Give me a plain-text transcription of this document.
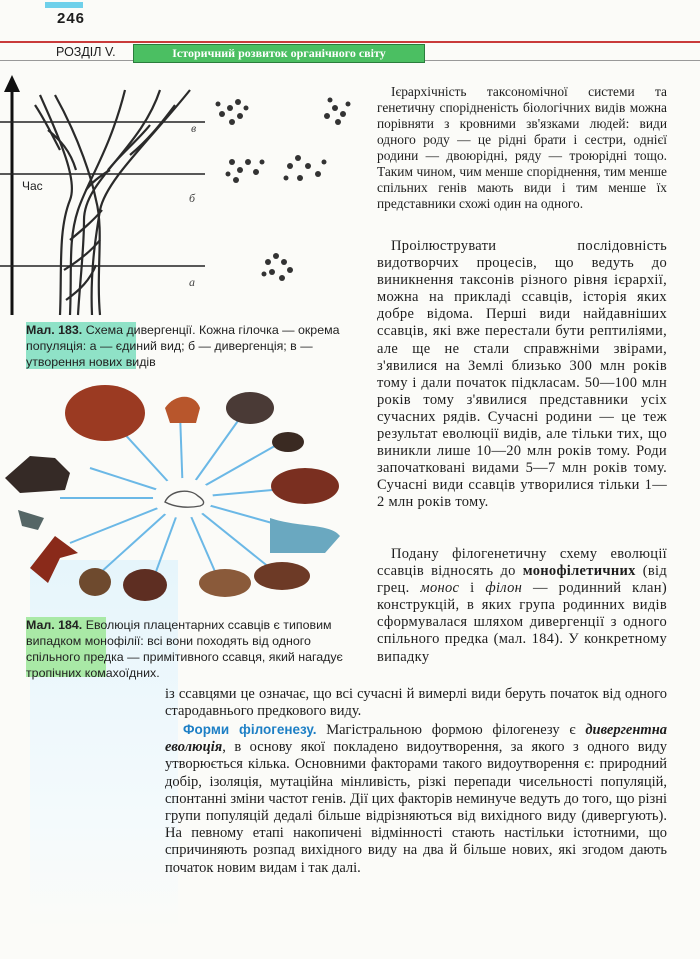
246
РОЗДІЛ V.	Історичний розвиток органічного світу
Час
в
б
а
Мал. 183. Схема дивергенції. Кожна гілочка — окрема популяція: а — єдиний вид; б — дивергенція; в — утворення нових видів
Мал. 184. Еволюція плацентарних ссавців є типовим випадком монофілії: всі вони походять від одного спільного предка — примітивного ссавця, який нагадує тропічних комахоїдних.

Ієрархічність таксономічної системи та генетичну спорідненість біологічних видів можна порівняти з кровними зв'язками людей: види одного роду — це рідні брати і сестри, однієї родини — двоюрідні, ряду — троюрідні тощо. Таким чином, чим менше споріднення, тим менше спільних генів мають види і тим менше їх представники схожі один на одного.

Проілюструвати послідовність видотворчих процесів, що ведуть до виникнення таксонів різного рівня ієрархії, можна на прикладі ссавців, історія яких добре відома. Перші види найдавніших ссавців, які вже перестали бути рептиліями, але ще не стали справжніми звірами, з'явилися на Землі близько 300 млн років тому і дали початок підкласам. 50—100 млн років тому з'явилися представники усіх сучасних рядів. Сучасні родини — це теж результат еволюції видів, але тільки тих, що виникли лише 10—20 млн років тому. Роди започатковані видами 5—7 млн років тому. Сучасні види ссавців утворилися тільки 1—2 млн років тому.

Подану філогенетичну схему еволюції ссавців відносять до монофілетичних (від грец. монос і філон — родинний клан) конструкцій, в яких група родинних видів сформувалася шляхом дивергенції з одного спільного предка (мал. 184). У конкретному випадку

із ссавцями це означає, що всі сучасні й вимерлі види беруть початок від одного стародавнього предкового виду.

Форми філогенезу. Магістральною формою філогенезу є дивергентна еволюція, в основу якої покладено видоутворення, за якого з одного виду утворюється кілька. Основними факторами такого видоутворення є: природний добір, ізоляція, мутаційна мінливість, різкі перепади чисельності популяцій, спонтанні зміни частот генів. Дії цих факторів неминуче ведуть до того, що різні групи популяцій дедалі більше відрізняються від вихідного виду (дивергують). На певному етапі накопичені відмінності стають настільки істотними, що спричиняють розпад вихідного виду на два й більше нових, які згодом дають початок новим видам і так далі.
